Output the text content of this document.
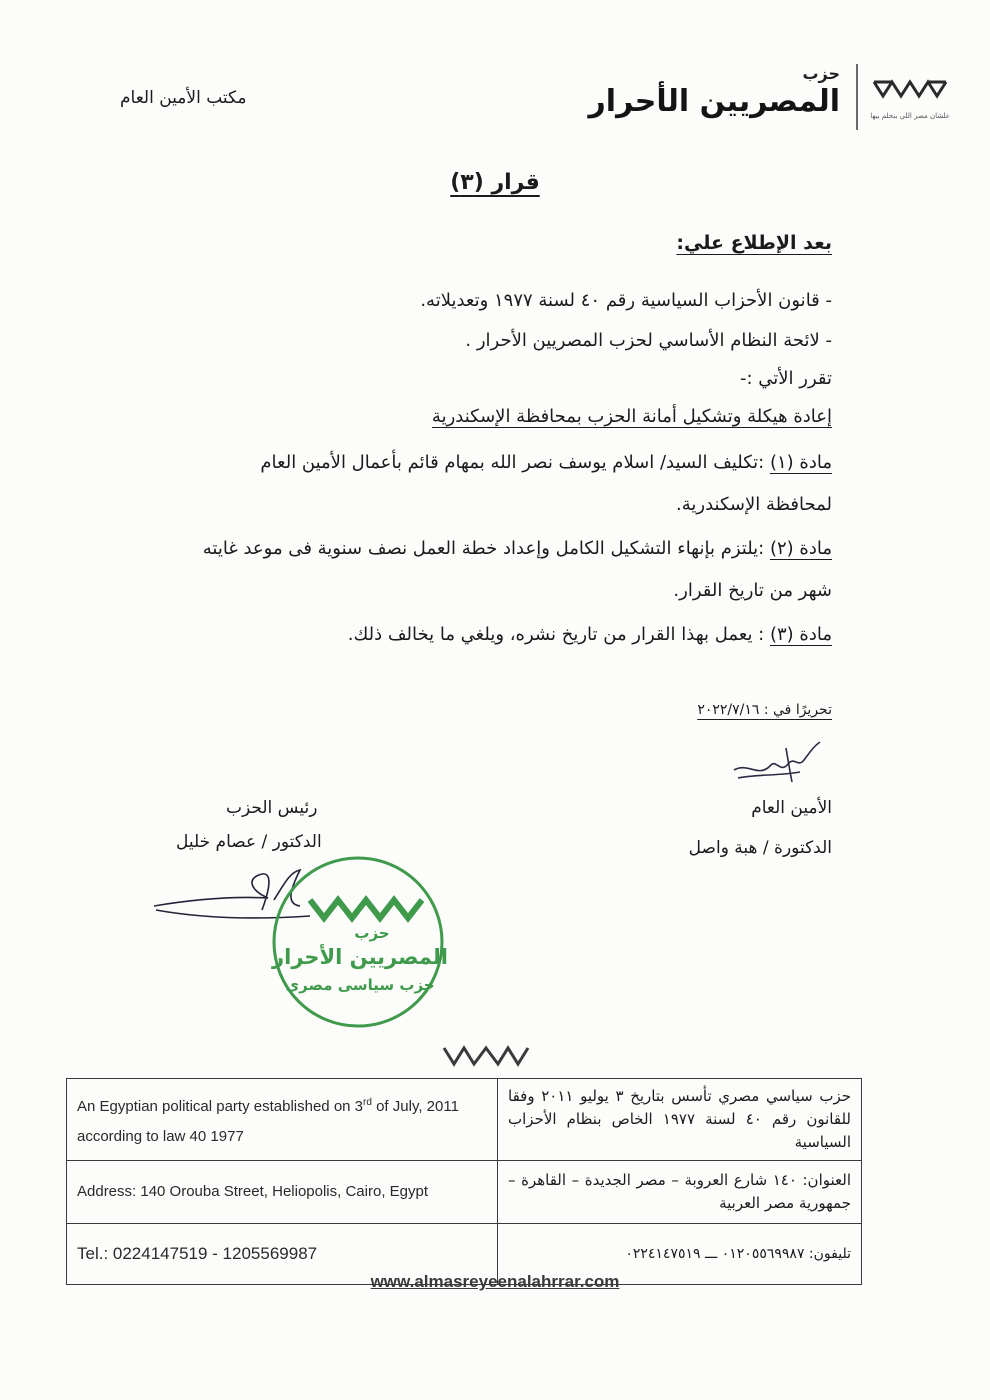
علشان مصر اللي بنحلم بيها
حزب
المصريين الأحرار
مكتب الأمين العام
قرار (٣)
بعد الإطلاع علي:
- قانون الأحزاب السياسية رقم ٤٠ لسنة ١٩٧٧ وتعديلاته.
- لائحة النظام الأساسي لحزب المصريين الأحرار .
تقرر الأتي :-
إعادة هيكلة وتشكيل أمانة الحزب بمحافظة الإسكندرية
مادة (١) :تكليف السيد/ اسلام يوسف نصر الله بمهام قائم بأعمال الأمين العام
لمحافظة الإسكندرية.
مادة (٢) :يلتزم بإنهاء التشكيل الكامل وإعداد خطة العمل نصف سنوية فى موعد غايته
شهر من تاريخ القرار.
مادة (٣) : يعمل بهذا القرار من تاريخ نشره، ويلغي ما يخالف ذلك.
تحريرًا في : ٢٠٢٢/٧/١٦
الأمين العام
الدكتورة / هبة واصل
رئيس الحزب
الدكتور / عصام خليل
حزب
المصريين الأحرار
حزب سياسى مصرى
An Egyptian political party established on 3rd of July, 2011 according to law 40 1977	حزب سياسي مصري تأسس بتاريخ ٣ يوليو ٢٠١١ وفقا للقانون رقم ٤٠ لسنة ١٩٧٧ الخاص بنظام الأحزاب السياسية
Address: 140 Orouba Street, Heliopolis, Cairo, Egypt	العنوان: ١٤٠ شارع العروبة – مصر الجديدة – القاهرة – جمهورية مصر العربية
Tel.: 0224147519 - 1205569987	تليفون: ٠١٢٠٥٥٦٩٩٨٧ ـــ ٠٢٢٤١٤٧٥١٩
www.almasreyeenalahrrar.com
